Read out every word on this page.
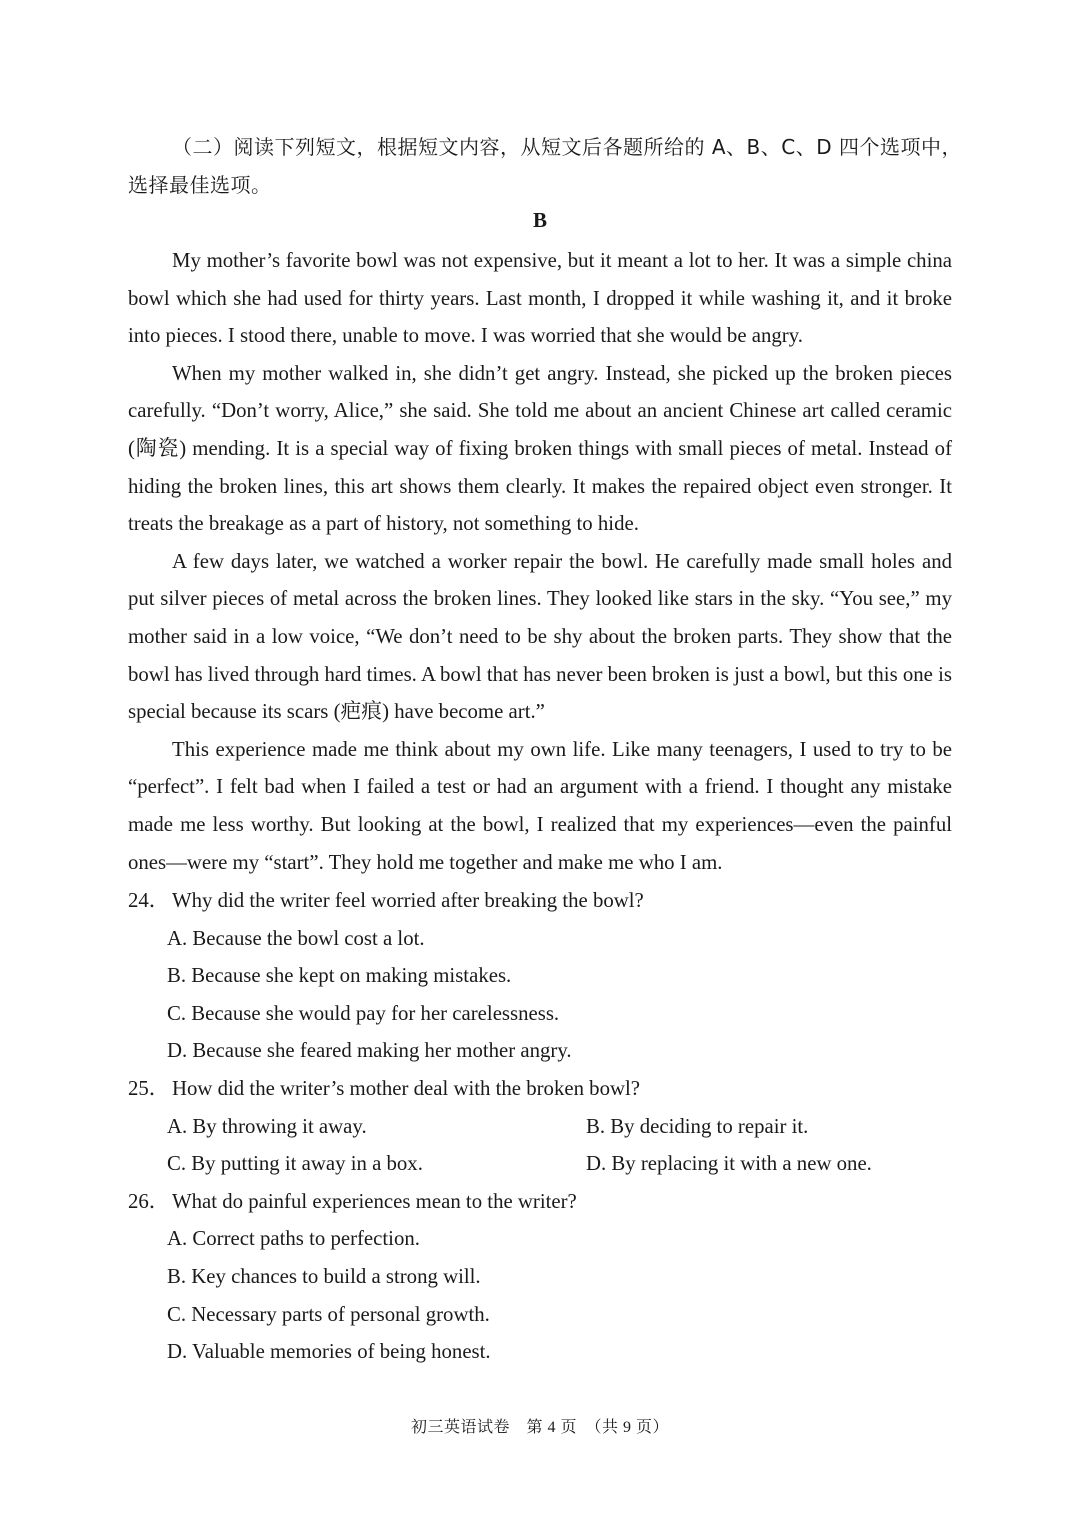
（二）阅读下列短文，根据短文内容，从短文后各题所给的 A、B、C、D 四个选项中，
选择最佳选项。
B

My mother’s favorite bowl was not expensive, but it meant a lot to her. It was a simple china bowl which she had used for thirty years. Last month, I dropped it while washing it, and it broke into pieces. I stood there, unable to move. I was worried that she would be angry.

When my mother walked in, she didn’t get angry. Instead, she picked up the broken pieces carefully. “Don’t worry, Alice,” she said. She told me about an ancient Chinese art called ceramic (陶瓷) mending. It is a special way of fixing broken things with small pieces of metal. Instead of hiding the broken lines, this art shows them clearly. It makes the repaired object even stronger. It treats the breakage as a part of history, not something to hide.

A few days later, we watched a worker repair the bowl. He carefully made small holes and put silver pieces of metal across the broken lines. They looked like stars in the sky. “You see,” my mother said in a low voice, “We don’t need to be shy about the broken parts. They show that the bowl has lived through hard times. A bowl that has never been broken is just a bowl, but this one is special because its scars (疤痕) have become art.”

This experience made me think about my own life. Like many teenagers, I used to try to be “perfect”. I felt bad when I failed a test or had an argument with a friend. I thought any mistake made me less worthy. But looking at the bowl, I realized that my experiences—even the painful ones—were my “start”. They hold me together and make me who I am.

24． Why did the writer feel worried after breaking the bowl?
A. Because the bowl cost a lot.
B. Because she kept on making mistakes.
C. Because she would pay for her carelessness.
D. Because she feared making her mother angry.
25． How did the writer’s mother deal with the broken bowl?
A. By throwing it away.	B. By deciding to repair it.
C. By putting it away in a box.	D. By replacing it with a new one.
26． What do painful experiences mean to the writer?
A. Correct paths to perfection.
B. Key chances to build a strong will.
C. Necessary parts of personal growth.
D. Valuable memories of being honest.
初三英语试卷　第 4 页　（共 9 页）
